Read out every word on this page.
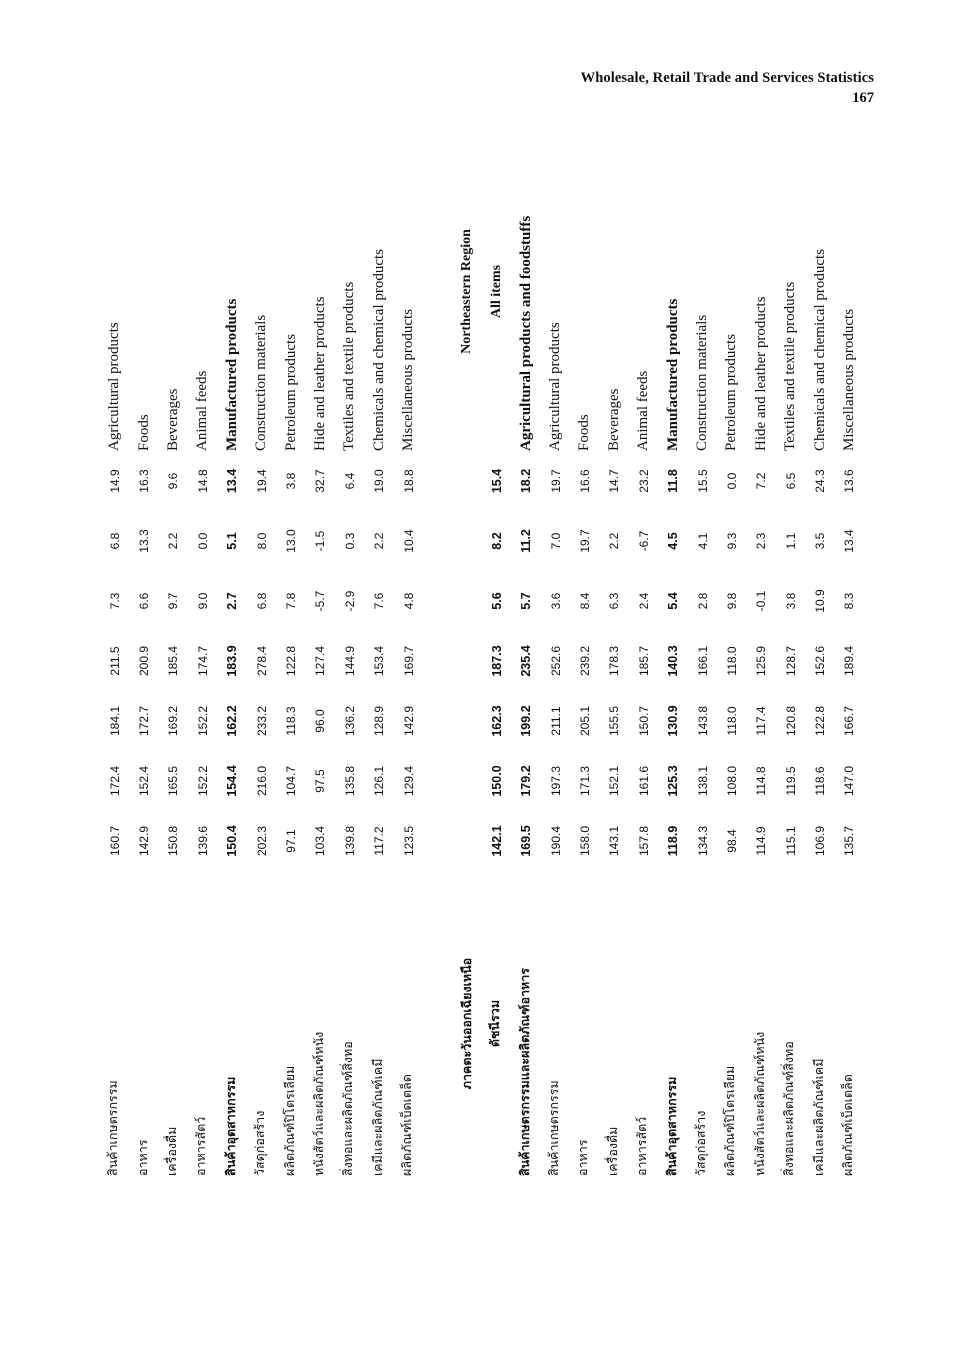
Wholesale, Retail Trade and Services Statistics
167
สินค้าเกษตรกรรม	160.7	172.4	184.1	211.5	7.3	6.8	14.9	Agricultural products
อาหาร	142.9	152.4	172.7	200.9	6.6	13.3	16.3	Foods
เครื่องดื่ม	150.8	165.5	169.2	185.4	9.7	2.2	9.6	Beverages
อาหารสัตว์	139.6	152.2	152.2	174.7	9.0	0.0	14.8	Animal feeds
สินค้าอุตสาหกรรม	150.4	154.4	162.2	183.9	2.7	5.1	13.4	Manufactured products
วัสดุก่อสร้าง	202.3	216.0	233.2	278.4	6.8	8.0	19.4	Construction materials
ผลิตภัณฑ์ปิโตรเลียม	97.1	104.7	118.3	122.8	7.8	13.0	3.8	Petroleum products
หนังสัตว์และผลิตภัณฑ์หนัง	103.4	97.5	96.0	127.4	-5.7	-1.5	32.7	Hide and leather products
สิ่งทอและผลิตภัณฑ์สิ่งทอ	139.8	135.8	136.2	144.9	-2.9	0.3	6.4	Textiles and textile products
เคมีและผลิตภัณฑ์เคมี	117.2	126.1	128.9	153.4	7.6	2.2	19.0	Chemicals and chemical products
ผลิตภัณฑ์เบ็ดเตล็ด	123.5	129.4	142.9	169.7	4.8	10.4	18.8	Miscellaneous products

ภาคตะวันออกเฉียงเหนือ								Northeastern Region
ดัชนีรวม	142.1	150.0	162.3	187.3	5.6	8.2	15.4	All items
สินค้าเกษตรกรรมและผลิตภัณฑ์อาหาร	169.5	179.2	199.2	235.4	5.7	11.2	18.2	Agricultural products and foodstuffs
สินค้าเกษตรกรรม	190.4	197.3	211.1	252.6	3.6	7.0	19.7	Agricultural products
อาหาร	158.0	171.3	205.1	239.2	8.4	19.7	16.6	Foods
เครื่องดื่ม	143.1	152.1	155.5	178.3	6.3	2.2	14.7	Beverages
อาหารสัตว์	157.8	161.6	150.7	185.7	2.4	-6.7	23.2	Animal feeds
สินค้าอุตสาหกรรม	118.9	125.3	130.9	140.3	5.4	4.5	11.8	Manufactured products
วัสดุก่อสร้าง	134.3	138.1	143.8	166.1	2.8	4.1	15.5	Construction materials
ผลิตภัณฑ์ปิโตรเลียม	98.4	108.0	118.0	118.0	9.8	9.3	0.0	Petroleum products
หนังสัตว์และผลิตภัณฑ์หนัง	114.9	114.8	117.4	125.9	-0.1	2.3	7.2	Hide and leather products
สิ่งทอและผลิตภัณฑ์สิ่งทอ	115.1	119.5	120.8	128.7	3.8	1.1	6.5	Textiles and textile products
เคมีและผลิตภัณฑ์เคมี	106.9	118.6	122.8	152.6	10.9	3.5	24.3	Chemicals and chemical products
ผลิตภัณฑ์เบ็ดเตล็ด	135.7	147.0	166.7	189.4	8.3	13.4	13.6	Miscellaneous products
